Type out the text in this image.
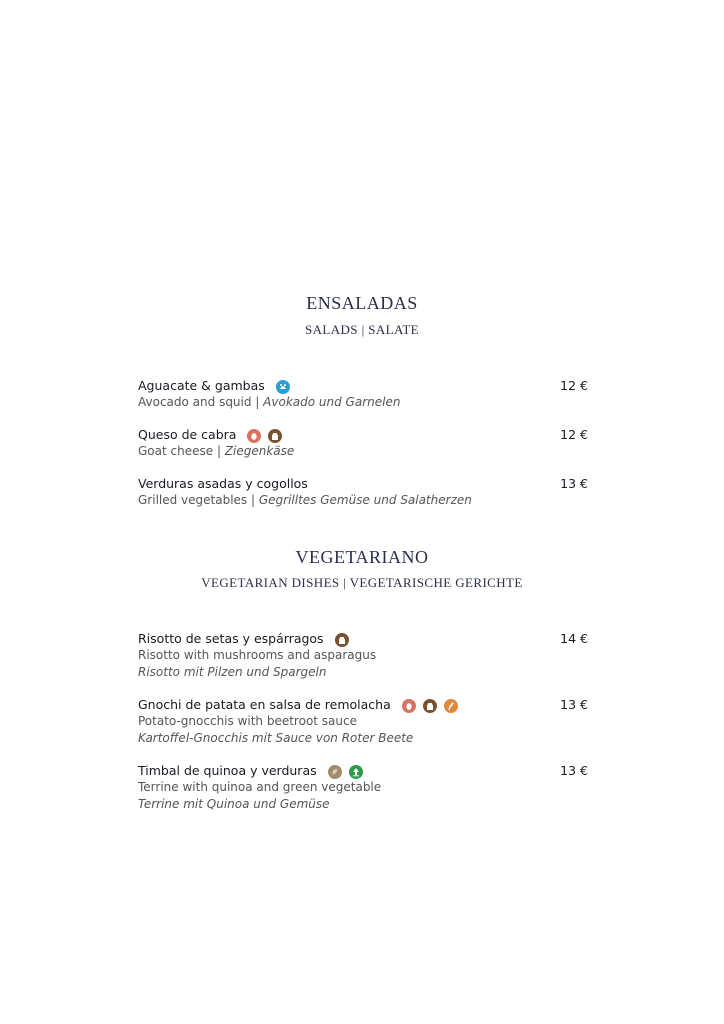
ENSALADAS
SALADS | SALATE
Aguacate & gambas
Avocado and squid | Avokado und Garnelen
12 €
Queso de cabra

Goat cheese | Ziegenkäse
12 €
Verduras asadas y cogollos
Grilled vegetables | Gegrilltes Gemüse und Salatherzen
13 €
VEGETARIANO
VEGETARIAN DISHES | VEGETARISCHE GERICHTE
Risotto de setas y espárragos
Risotto with mushrooms and asparagus
Risotto mit Pilzen und Spargeln
14 €
Gnochi de patata en salsa de remolacha

Potato-gnocchis with beetroot sauce
Kartoffel-Gnocchis mit Sauce von Roter Beete
13 €
Timbal de quinoa y verduras

Terrine with quinoa and green vegetable
Terrine mit Quinoa und Gemüse
13 €
